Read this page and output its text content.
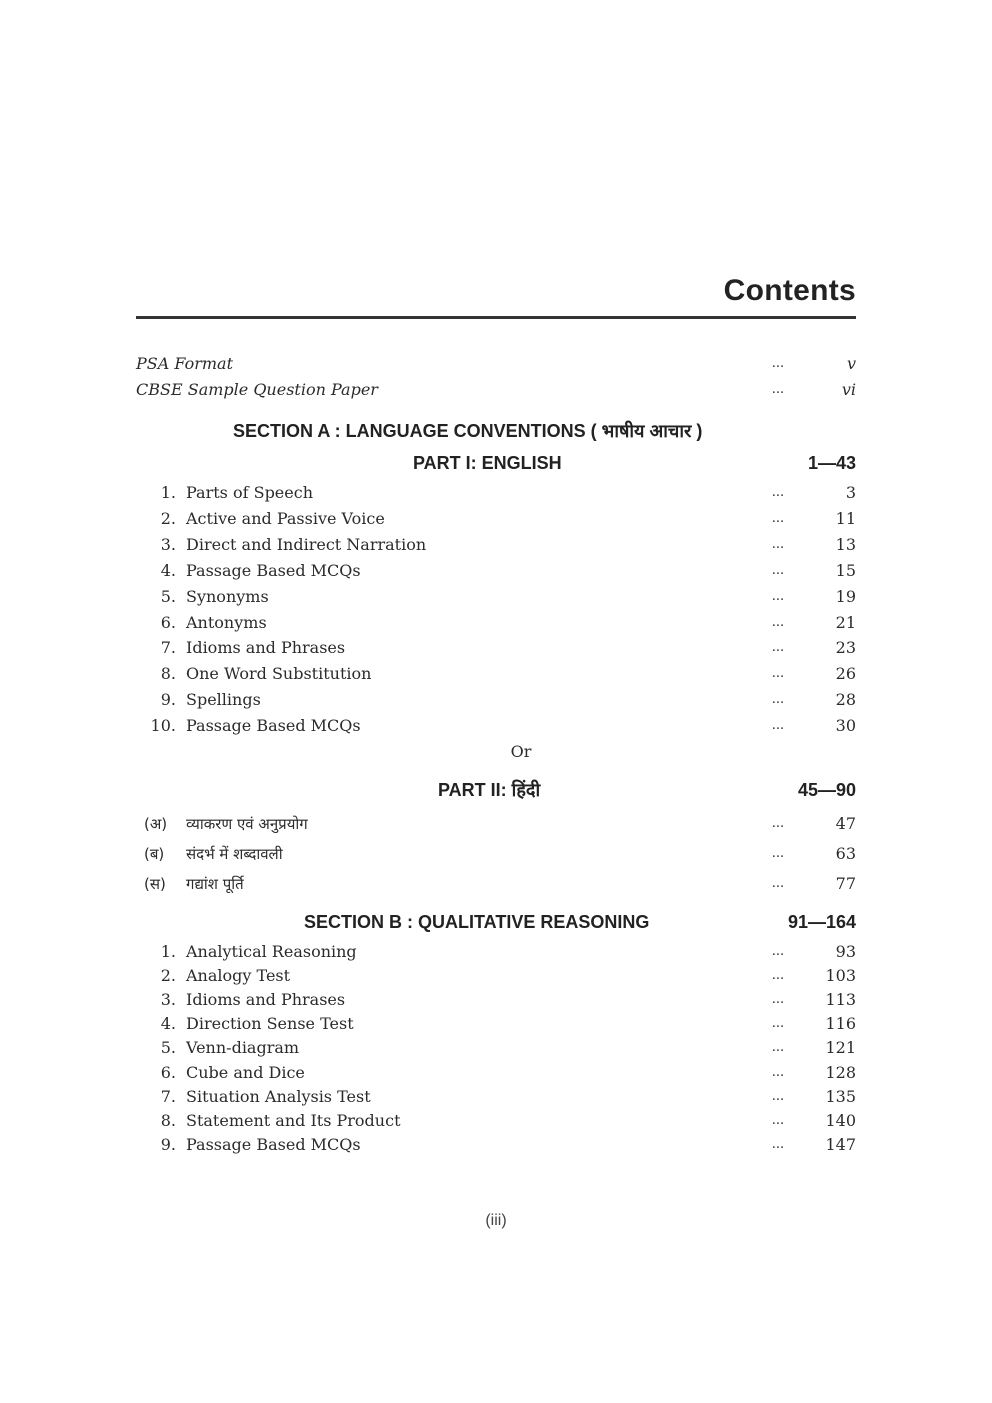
Contents
PSA Format	...	v
CBSE Sample Question Paper	...	vi
SECTION A : LANGUAGE CONVENTIONS ( भाषीय आचार )
PART I: ENGLISH	1—43
1. Parts of Speech	...	3
2. Active and Passive Voice	...	11
3. Direct and Indirect Narration	...	13
4. Passage Based MCQs	...	15
5. Synonyms	...	19
6. Antonyms	...	21
7. Idioms and Phrases	...	23
8. One Word Substitution	...	26
9. Spellings	...	28
10. Passage Based MCQs	...	30
Or
PART II: हिंदी	45—90
(अ) व्याकरण एवं अनुप्रयोग	...	47
(ब) संदर्भ में शब्दावली	...	63
(स) गद्यांश पूर्ति	...	77
SECTION B : QUALITATIVE REASONING	91—164
1. Analytical Reasoning	...	93
2. Analogy Test	...	103
3. Idioms and Phrases	...	113
4. Direction Sense Test	...	116
5. Venn-diagram	...	121
6. Cube and Dice	...	128
7. Situation Analysis Test	...	135
8. Statement and Its Product	...	140
9. Passage Based MCQs	...	147
(iii)
